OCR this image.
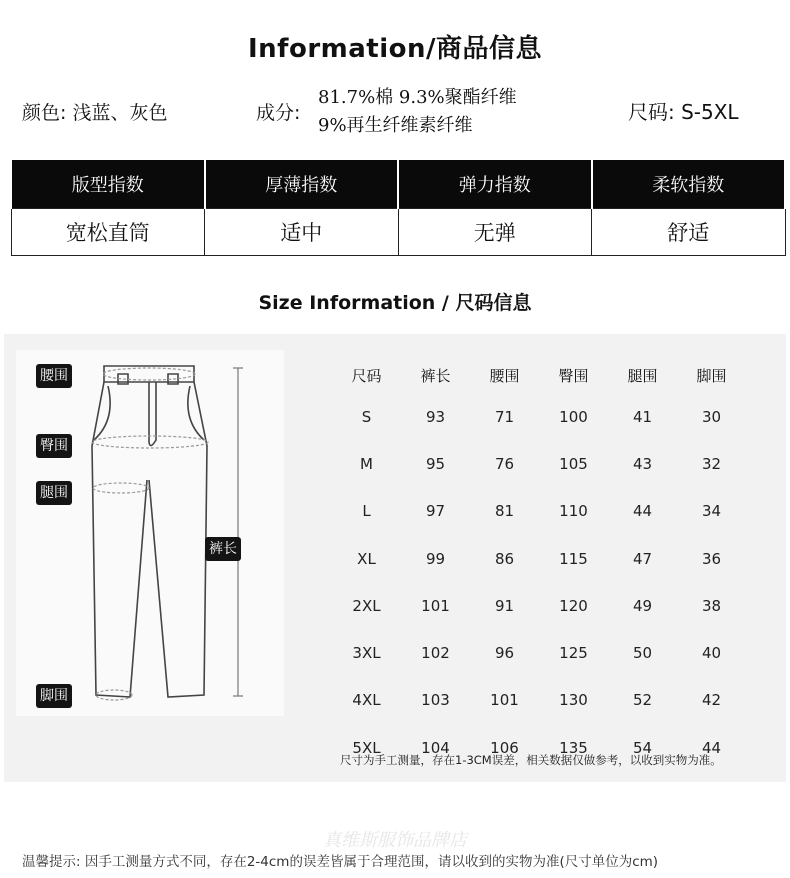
Information/商品信息
颜色: 浅蓝、灰色	成分:
81.7%棉 9.3%聚酯纤维
9%再生纤维素纤维
尺码: S-5XL
版型指数	厚薄指数	弹力指数	柔软指数
宽松直筒	适中	无弹	舒适
Size Information / 尺码信息
腰围
臀围
腿围
裤长
脚围
尺码	裤长	腰围	臀围	腿围	脚围
S	93	71	100	41	30
M	95	76	105	43	32
L	97	81	110	44	34
XL	99	86	115	47	36
2XL	101	91	120	49	38
3XL	102	96	125	50	40
4XL	103	101	130	52	42
5XL	104	106	135	54	44
尺寸为手工测量，存在1-3CM误差，相关数据仅做参考，以收到实物为准。
真维斯服饰品牌店
温馨提示: 因手工测量方式不同，存在2-4cm的误差皆属于合理范围，请以收到的实物为准(尺寸单位为cm)
